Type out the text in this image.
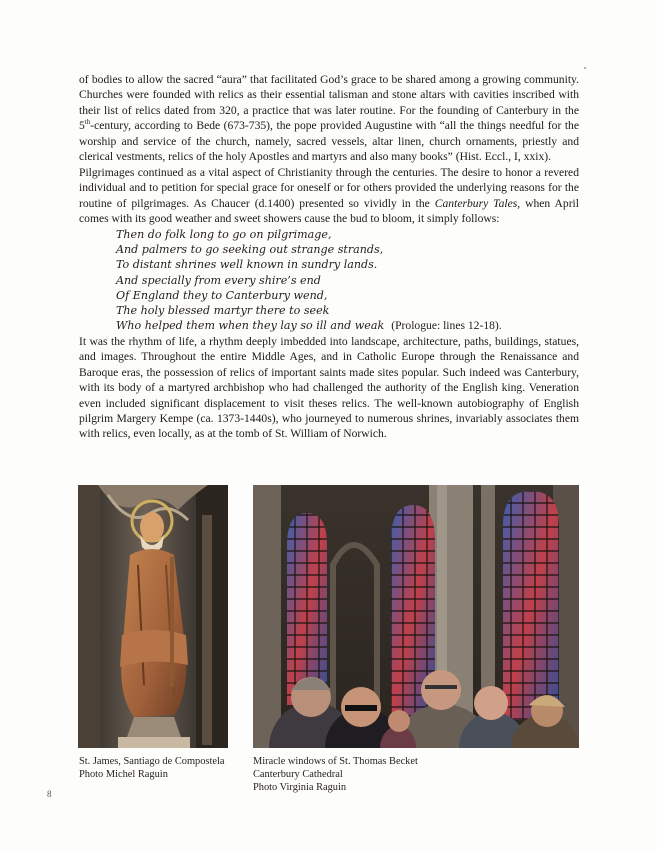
of bodies to allow the sacred “aura” that facilitated God’s grace to be shared among a growing community. Churches were founded with relics as their essential talisman and stone altars with cavities inscribed with their list of relics dated from 320, a practice that was later routine. For the founding of Canterbury in the 5th-century, according to Bede (673-735), the pope provided Augustine with “all the things needful for the worship and service of the church, namely, sacred vessels, altar linen, church ornaments, priestly and clerical vestments, relics of the holy Apostles and martyrs and also many books” (Hist. Eccl., I, xxix).

Pilgrimages continued as a vital aspect of Christianity through the centuries. The desire to honor a revered individual and to petition for special grace for oneself or for others provided the underlying reasons for the routine of pilgrimages. As Chaucer (d.1400) presented so vividly in the Canterbury Tales, when April comes with its good weather and sweet showers cause the bud to bloom, it simply follows:

Then do folk long to go on pilgrimage,
And palmers to go seeking out strange strands,
To distant shrines well known in sundry lands.
And specially from every shire’s end
Of England they to Canterbury wend,
The holy blessed martyr there to seek
Who helped them when they lay so ill and weak (Prologue: lines 12-18).

It was the rhythm of life, a rhythm deeply imbedded into landscape, architecture, paths, buildings, statues, and images. Throughout the entire Middle Ages, and in Catholic Europe through the Renaissance and Baroque eras, the possession of relics of important saints made sites popular. Such indeed was Canterbury, with its body of a martyred archbishop who had challenged the authority of the English king. Veneration even included significant displacement to visit theses relics. The well-known autobiography of English pilgrim Margery Kempe (ca. 1373-1440s), who journeyed to numerous shrines, invariably associates them with relics, even locally, as at the tomb of St. William of Norwich.

St. James, Santiago de Compostela
Photo Michel Raguin

Miracle windows of St. Thomas Becket
Canterbury Cathedral
Photo Virginia Raguin

8
